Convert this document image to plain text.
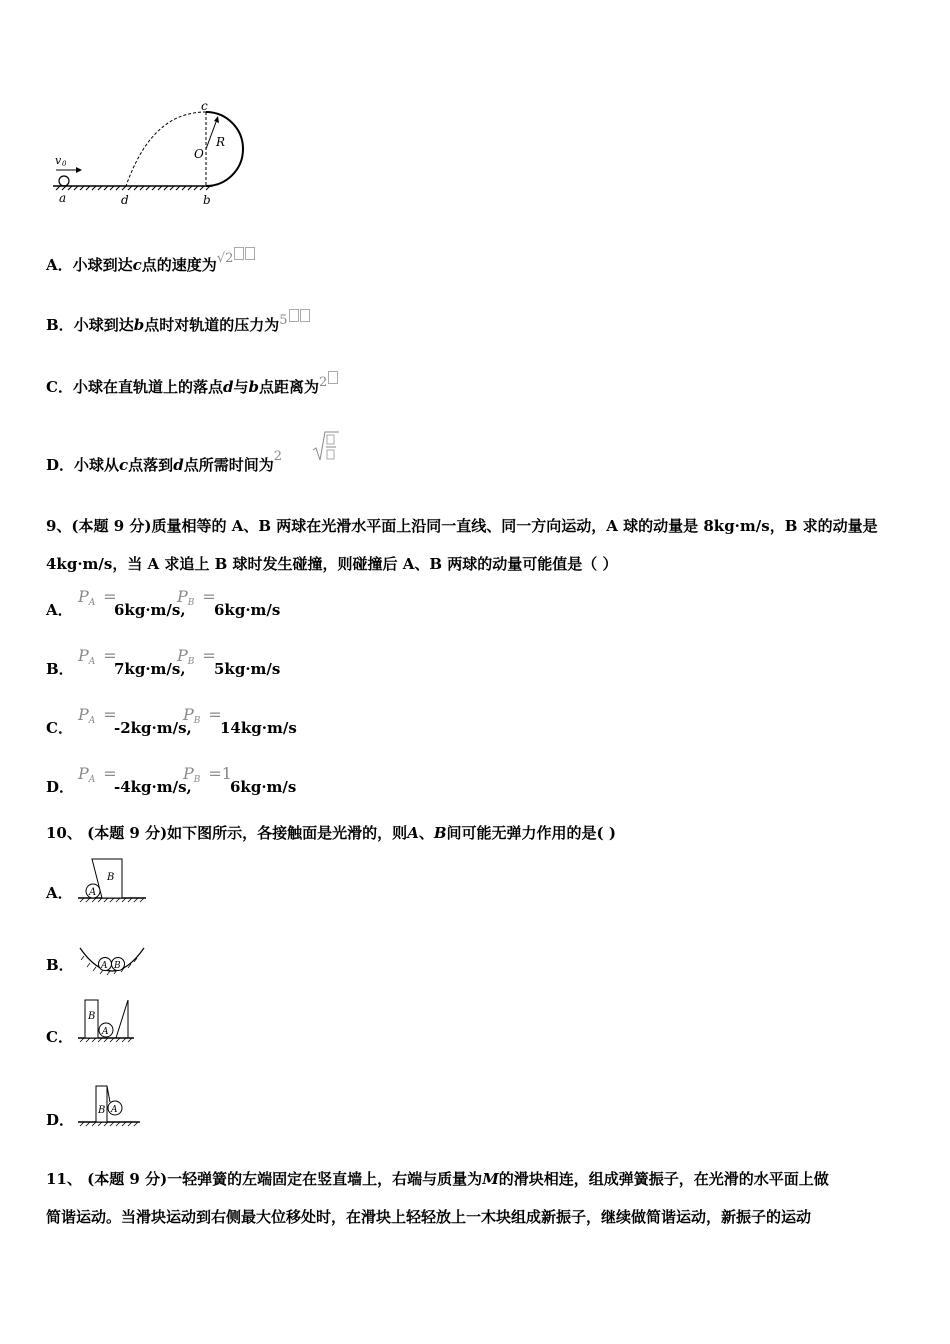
v 0
a	d	b
c
O
R
A．小球到达c点的速度为√2
B．小球到达b点时对轨道的压力为5
C．小球在直轨道上的落点d与b点距离为2
D．小球从c点落到d点所需时间为2
9、(本题 9 分)质量相等的 A、B 两球在光滑水平面上沿同一直线、同一方向运动，A 球的动量是 8kg·m/s，B 求的动量是
4kg·m/s，当 A 求追上 B 球时发生碰撞，则碰撞后 A、B 两球的动量可能值是（ ）
A．
$P_A$ =
6kg·m/s,
$P_B$ =
6kg·m/s
B．
$P_A$ =
7kg·m/s,
$P_B$ =
5kg·m/s
C．
$P_A$ =
-2kg·m/s,
$P_B$ =
14kg·m/s
D．
$P_A$ =
-4kg·m/s,
$P_B =1$
6kg·m/s
10、 (本题 9 分)如下图所示，各接触面是光滑的，则A、B间可能无弹力作用的是( )
A． A
B
B．	A B
C．
B
A
D．
B A
11、 (本题 9 分)一轻弹簧的左端固定在竖直墙上，右端与质量为M的滑块相连，组成弹簧振子，在光滑的水平面上做
简谐运动。当滑块运动到右侧最大位移处时，在滑块上轻轻放上一木块组成新振子，继续做简谐运动，新振子的运动
